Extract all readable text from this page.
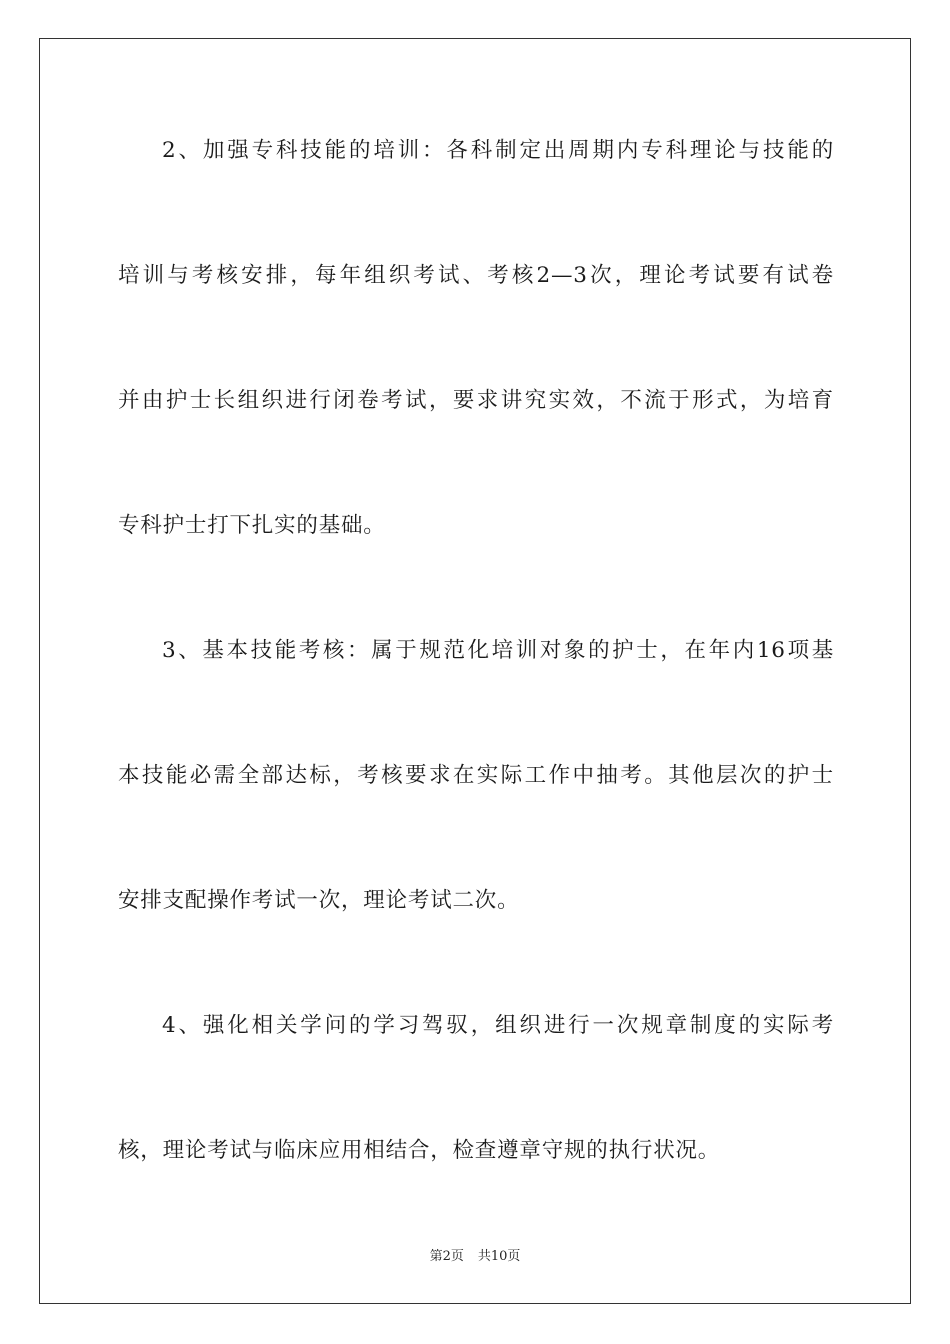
2、加强专科技能的培训：各科制定出周期内专科理论与技能的
培训与考核安排，每年组织考试、考核2—3次，理论考试要有试卷
并由护士长组织进行闭卷考试，要求讲究实效，不流于形式，为培育
专科护士打下扎实的基础。
3、基本技能考核：属于规范化培训对象的护士，在年内16项基
本技能必需全部达标，考核要求在实际工作中抽考。其他层次的护士
安排支配操作考试一次，理论考试二次。
4、强化相关学问的学习驾驭，组织进行一次规章制度的实际考
核，理论考试与临床应用相结合，检查遵章守规的执行状况。
第2页 共10页
